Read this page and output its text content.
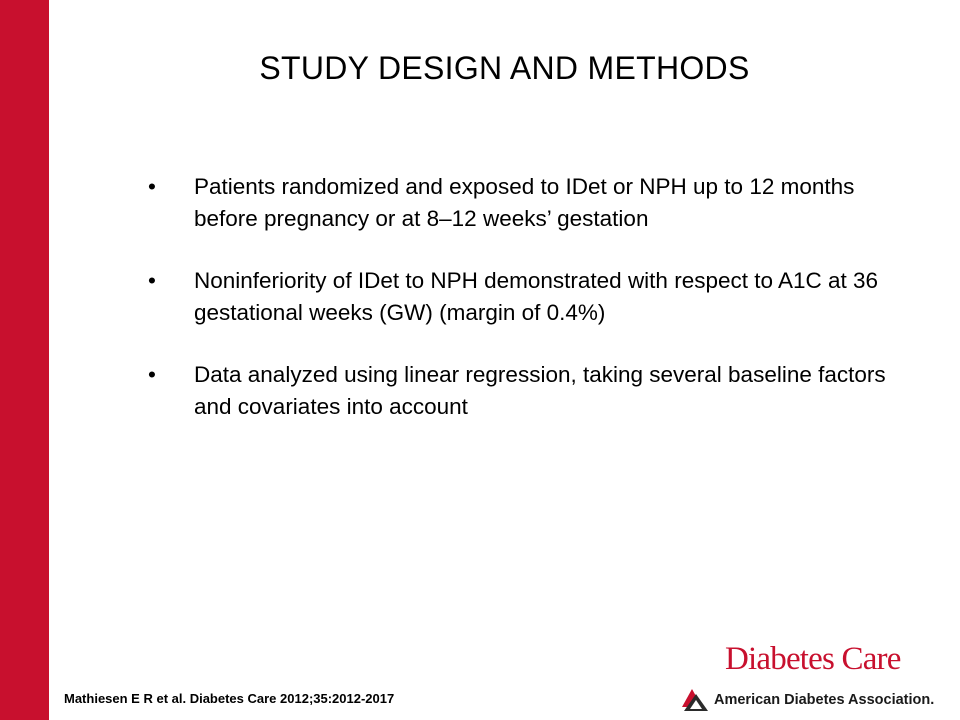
STUDY DESIGN AND METHODS
• Patients randomized and exposed to IDet or NPH up to 12 months before pregnancy or at 8–12 weeks’ gestation
• Noninferiority of IDet to NPH demonstrated with respect to A1C at 36 gestational weeks (GW) (margin of 0.4%)
• Data analyzed using linear regression, taking several baseline factors and covariates into account
Mathiesen E R et al. Diabetes Care 2012;35:2012-2017
Diabetes Care
American Diabetes Association.
